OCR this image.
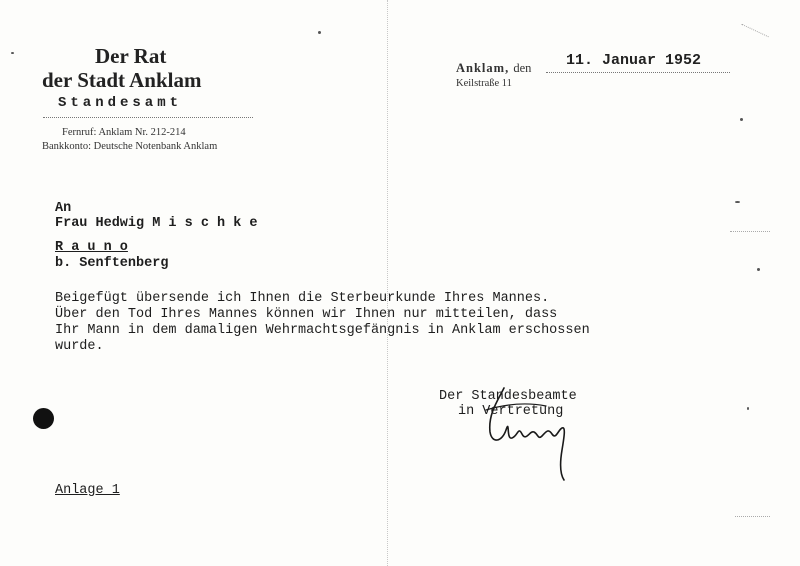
Der Rat
der Stadt Anklam
Standesamt
Fernruf: Anklam Nr. 212-214
Bankkonto: Deutsche Notenbank Anklam
Anklam, den 11. Januar 1952
Keilstraße 11
An
Frau Hedwig M i s c h k e
R a u n o
b. Senftenberg
Beigefügt übersende ich Ihnen die Sterbeurkunde Ihres Mannes.
Über den Tod Ihres Mannes können wir Ihnen nur mitteilen, dass
Ihr Mann in dem damaligen Wehrmachtsgefängnis in Anklam erschossen
wurde.
Der Standesbeamte
in Vertretung
Anlage 1
